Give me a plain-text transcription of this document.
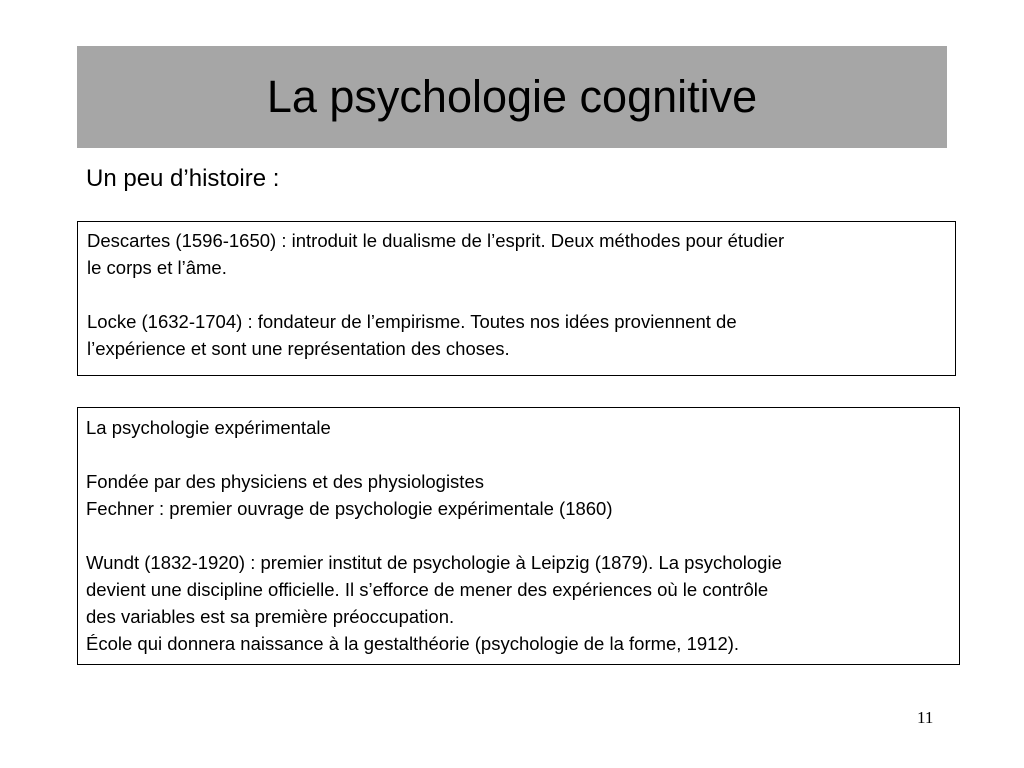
La psychologie cognitive
Un peu d’histoire :

Descartes (1596-1650) : introduit le dualisme de l’esprit. Deux méthodes pour étudier

le corps et l’âme.

Locke (1632-1704) : fondateur de l’empirisme. Toutes nos idées proviennent de

l’expérience et sont une représentation des choses.

La psychologie expérimentale

Fondée par des physiciens et des physiologistes

Fechner : premier ouvrage de psychologie expérimentale (1860)

Wundt (1832-1920) : premier institut de psychologie à Leipzig (1879). La psychologie

devient une discipline officielle. Il s’efforce de mener des expériences où le contrôle

des variables est sa première préoccupation.

École qui donnera naissance à la gestalthéorie (psychologie de la forme, 1912).

11
